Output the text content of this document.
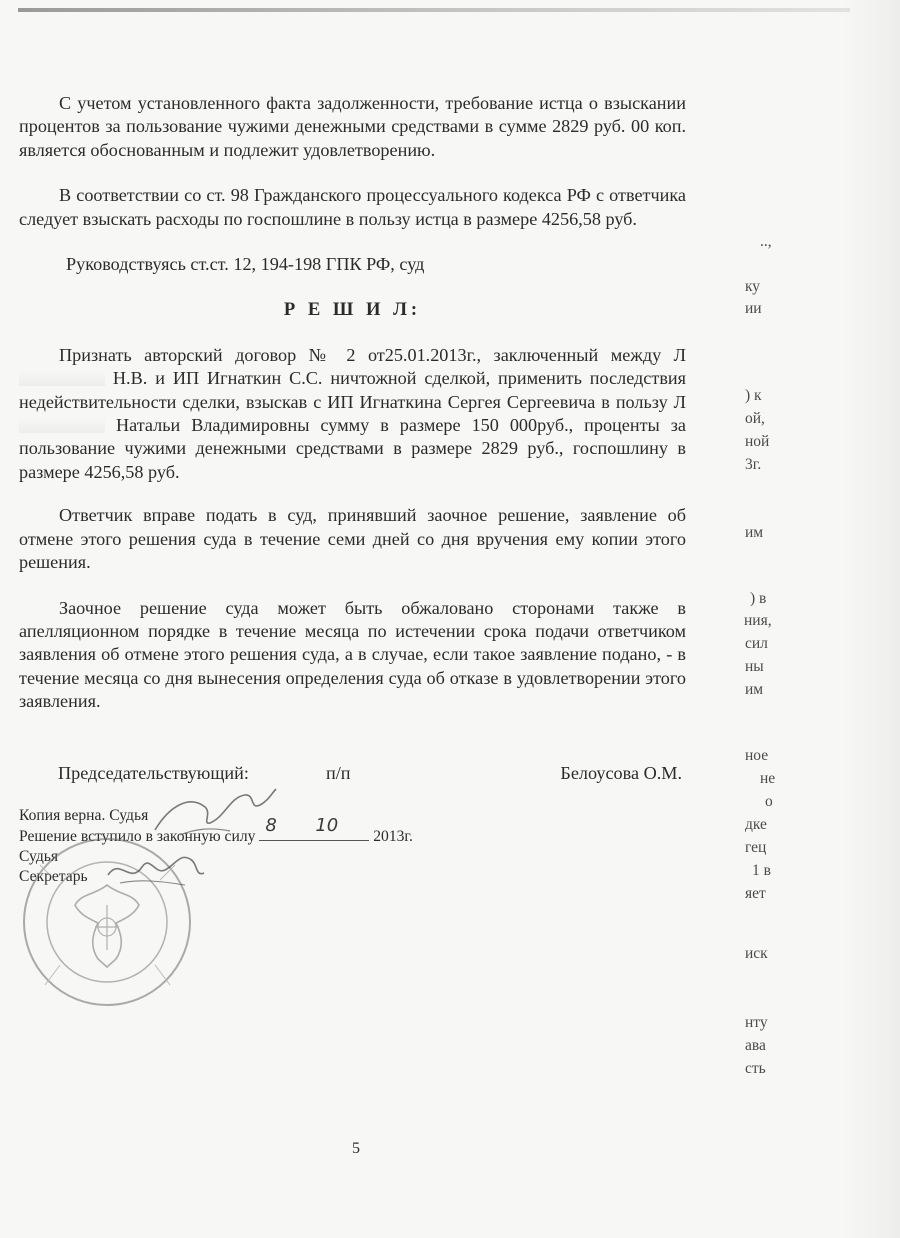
С учетом установленного факта задолженности, требование истца о взыскании процентов за пользование чужими денежными средствами в сумме 2829 руб. 00 коп. является обоснованным и подлежит удовлетворению.

В соответствии со ст. 98 Гражданского процессуального кодекса РФ с ответчика следует взыскать расходы по госпошлине в пользу истца в размере 4256,58 руб.

Руководствуясь ст.ст. 12, 194-198 ГПК РФ, суд

Р Е Ш И Л:

Признать авторский договор № 2 от25.01.2013г., заключенный между Л Н.В. и ИП Игнаткин С.С. ничтожной сделкой, применить последствия недействительности сделки, взыскав с ИП Игнаткина Сергея Сергеевича в пользу Л Натальи Владимировны сумму в размере 150 000руб., проценты за пользование чужими денежными средствами в размере 2829 руб., госпошлину в размере 4256,58 руб.

Ответчик вправе подать в суд, принявший заочное решение, заявление об отмене этого решения суда в течение семи дней со дня вручения ему копии этого решения.

Заочное решение суда может быть обжаловано сторонами также в апелляционном порядке в течение месяца по истечении срока подачи ответчиком заявления об отмене этого решения суда, а в случае, если такое заявление подано, - в течение месяца со дня вынесения определения суда об отказе в удовлетворении этого заявления.

Председательствующий:	п/п	Белоусова О.М.
Копия верна. Судья
Решение вступило в законную силу
8 10
2013г.
Судья
Секретарь
5
..,
ку
ии
) к
ой,
ной
3г.
им
) в
ния,
сил
ны
им
ное
не
о
дке
гец
1 в
яет
иск
нту
ава
сть
